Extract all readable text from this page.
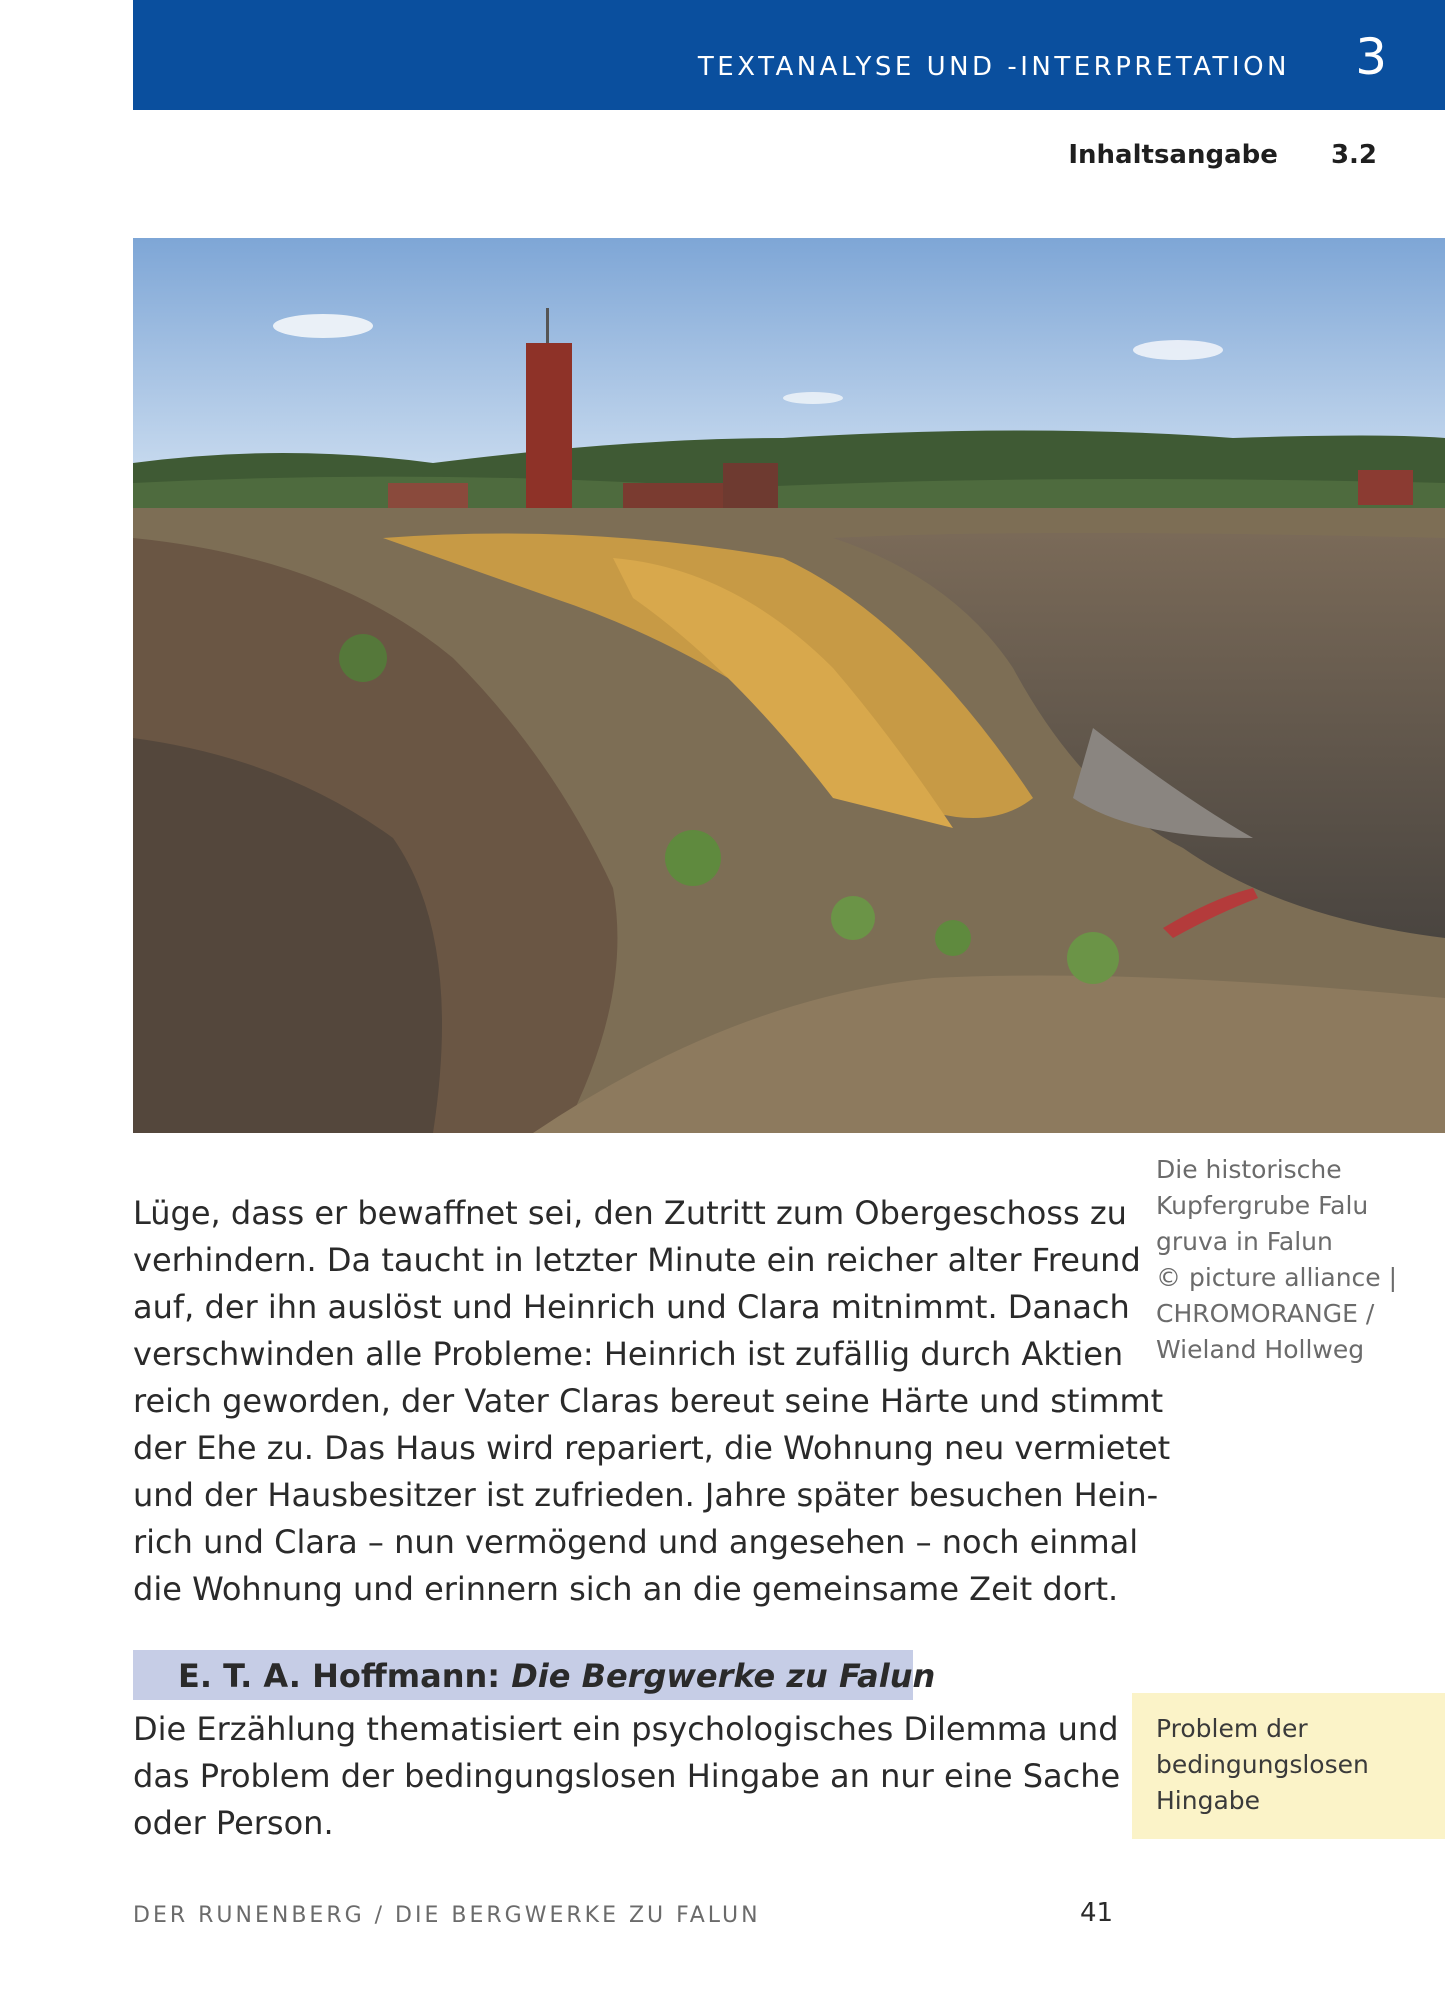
TEXTANALYSE UND -INTERPRETATION 3
Inhaltsangabe 3.2
Die historische
Kupfergrube Falu
gruva in Falun
© picture alliance |
CHROMORANGE /
Wieland Hollweg
Lüge, dass er bewaffnet sei, den Zutritt zum Obergeschoss zu
verhindern. Da taucht in letzter Minute ein reicher alter Freund
auf, der ihn auslöst und Heinrich und Clara mitnimmt. Danach
verschwinden alle Probleme: Heinrich ist zufällig durch Aktien
reich geworden, der Vater Claras bereut seine Härte und stimmt
der Ehe zu. Das Haus wird repariert, die Wohnung neu vermietet
und der Hausbesitzer ist zufrieden. Jahre später besuchen Hein-
rich und Clara – nun vermögend und angesehen – noch einmal
die Wohnung und erinnern sich an die gemeinsame Zeit dort.
E. T. A. Hoffmann: Die Bergwerke zu Falun
Die Erzählung thematisiert ein psychologisches Dilemma und
das Problem der bedingungslosen Hingabe an nur eine Sache
oder Person.
Problem der
bedingungslosen
Hingabe
DER RUNENBERG / DIE BERGWERKE ZU FALUN	41
